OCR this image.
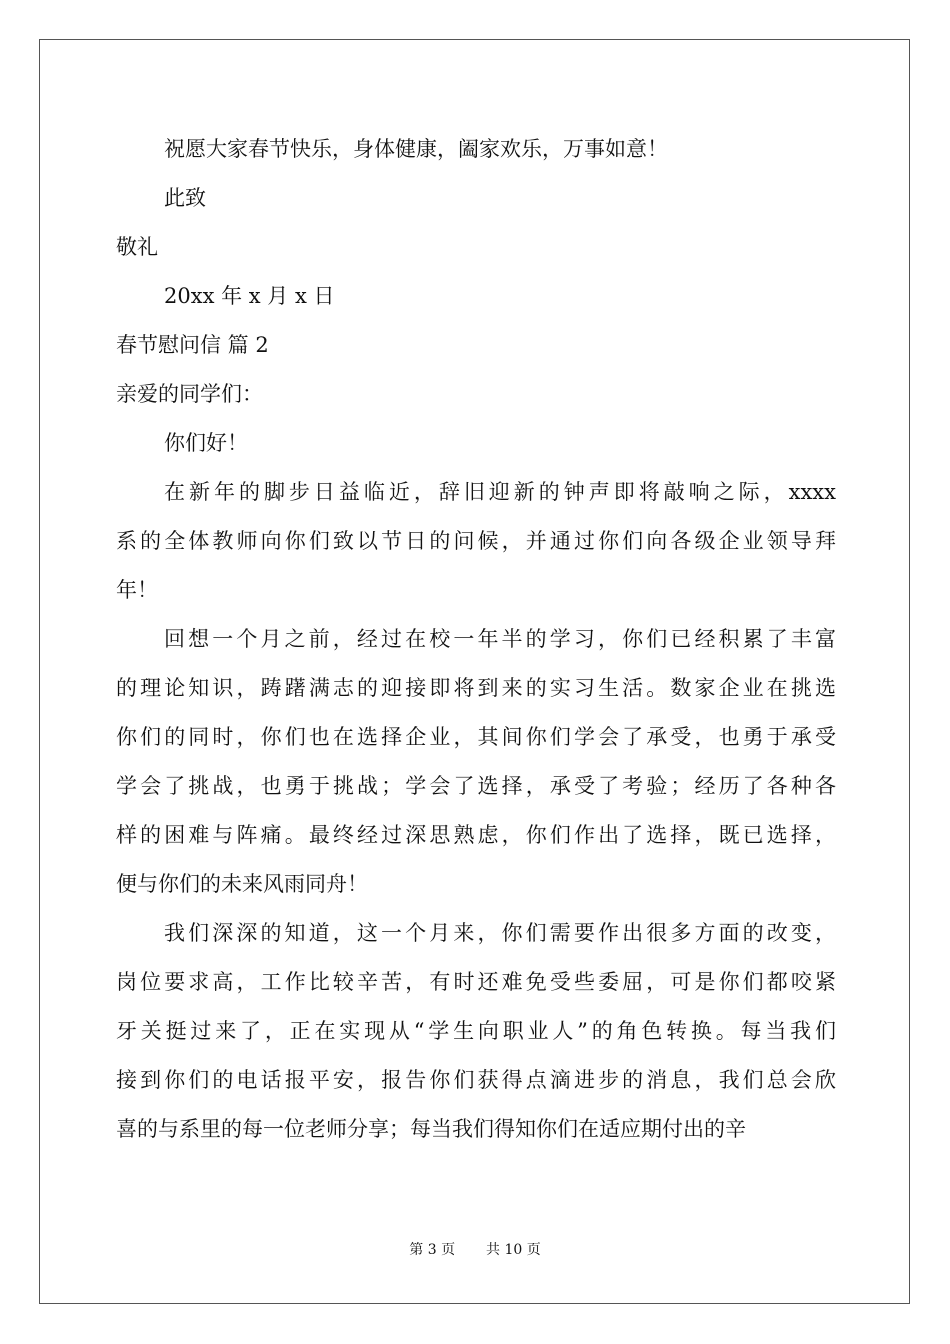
祝愿大家春节快乐，身体健康，阖家欢乐，万事如意！
此致
敬礼
20xx 年 x 月 x 日
春节慰问信 篇 2
亲爱的同学们：
你们好！
在新年的脚步日益临近，辞旧迎新的钟声即将敲响之际，xxxx
系的全体教师向你们致以节日的问候，并通过你们向各级企业领导拜
年！
回想一个月之前，经过在校一年半的学习，你们已经积累了丰富
的理论知识，踌躇满志的迎接即将到来的实习生活。数家企业在挑选
你们的同时，你们也在选择企业，其间你们学会了承受，也勇于承受
学会了挑战，也勇于挑战；学会了选择，承受了考验；经历了各种各
样的困难与阵痛。最终经过深思熟虑，你们作出了选择，既已选择，
便与你们的未来风雨同舟！
我们深深的知道，这一个月来，你们需要作出很多方面的改变，
岗位要求高，工作比较辛苦，有时还难免受些委屈，可是你们都咬紧
牙关挺过来了，正在实现从“学生向职业人”的角色转换。每当我们
接到你们的电话报平安，报告你们获得点滴进步的消息，我们总会欣
喜的与系里的每一位老师分享；每当我们得知你们在适应期付出的辛
第 3 页 共 10 页
